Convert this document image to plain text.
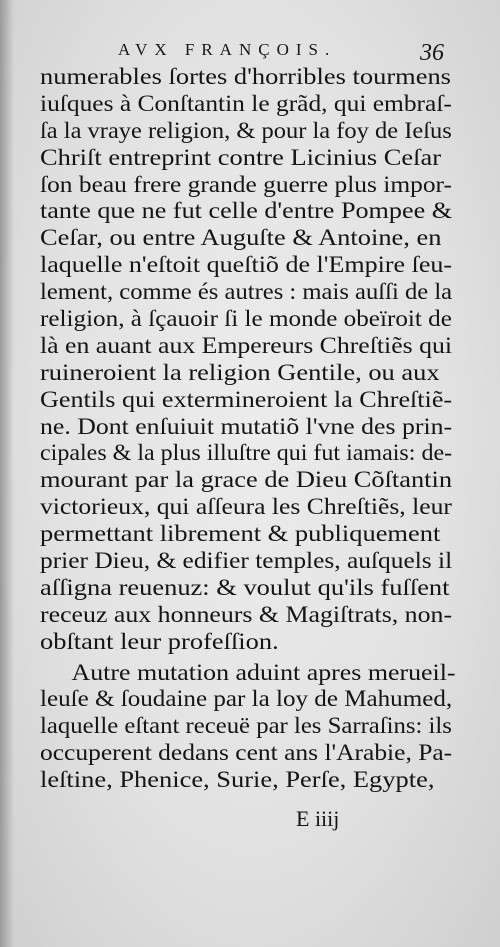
AVX FRANÇOIS.	36
numerables ſortes d'horribles tourmens
iuſques à Conſtantin le grãd, qui embraſ-
ſa la vraye religion, & pour la foy de Ieſus
Chriſt entreprint contre Licinius Ceſar
ſon beau frere grande guerre plus impor-
tante que ne fut celle d'entre Pompee &
Ceſar, ou entre Auguſte & Antoine, en
laquelle n'eſtoit queſtiõ de l'Empire ſeu-
lement, comme és autres : mais auſſi de la
religion, à ſçauoir ſi le monde obeïroit de
là en auant aux Empereurs Chreſtiẽs qui
ruineroient la religion Gentile, ou aux
Gentils qui extermineroient la Chreſtiẽ-
ne. Dont enſuiuit mutatiõ l'vne des prin-
cipales & la plus illuſtre qui fut iamais: de-
mourant par la grace de Dieu Cõſtantin
victorieux, qui aſſeura les Chreſtiẽs, leur
permettant librement & publiquement
prier Dieu, & edifier temples, auſquels il
aſſigna reuenuz: & voulut qu'ils fuſſent
receuz aux honneurs & Magiſtrats, non-
obſtant leur profeſſion.
Autre mutation aduint apres merueil-
leuſe & ſoudaine par la loy de Mahumed,
laquelle eſtant receuë par les Sarraſins: ils
occuperent dedans cent ans l'Arabie, Pa-
leſtine, Phenice, Surie, Perſe, Egypte,
E iiij
